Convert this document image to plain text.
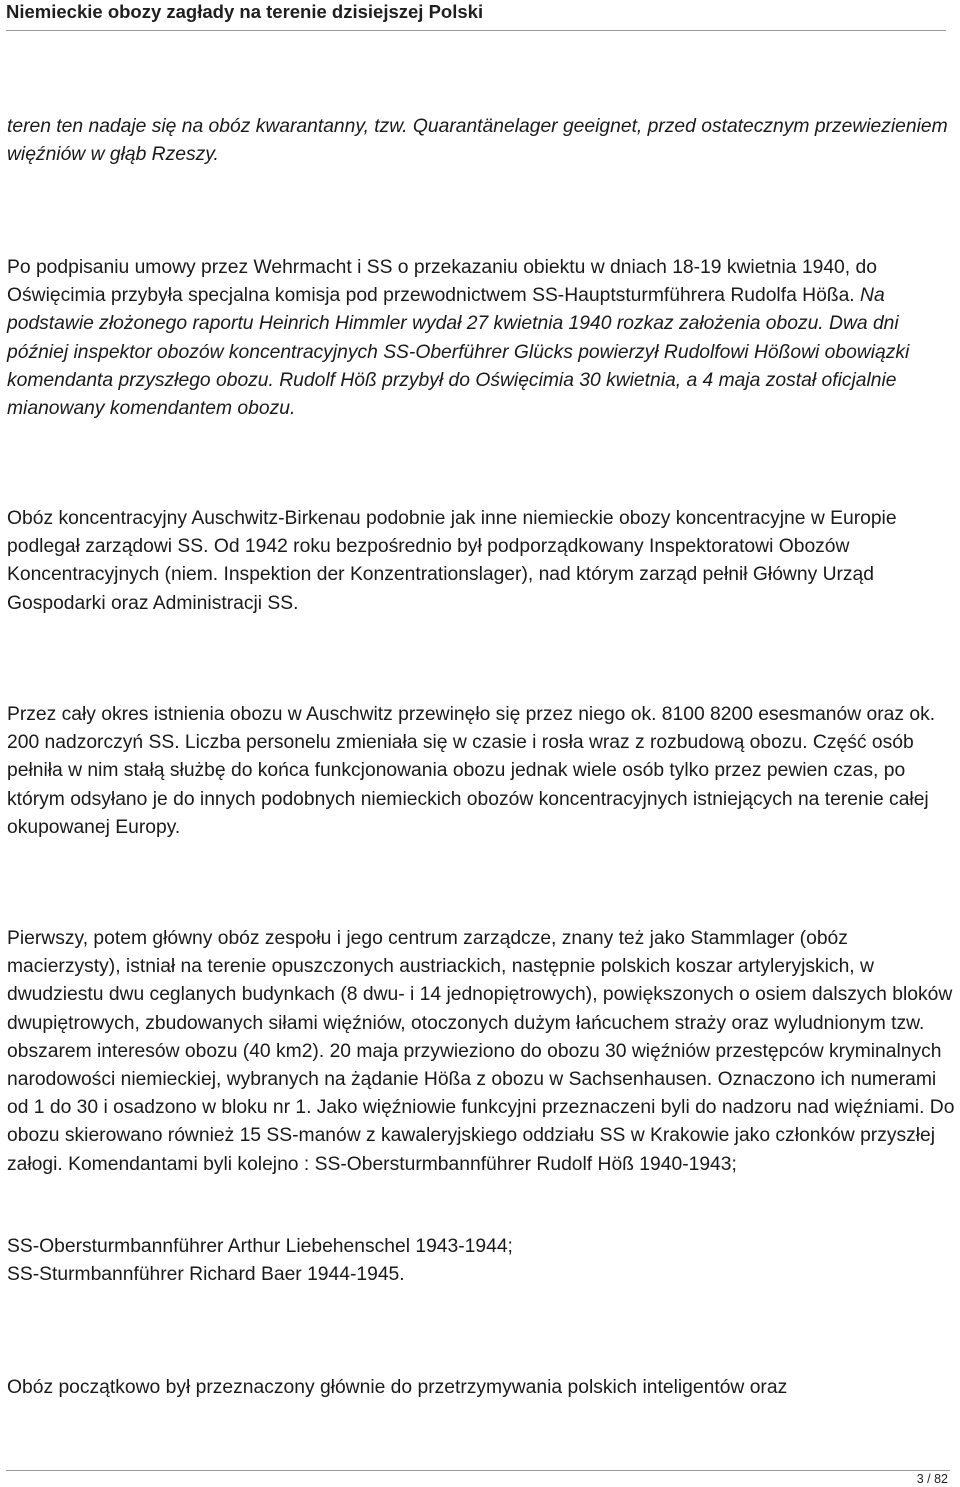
Niemieckie obozy zagłady na terenie dzisiejszej Polski

teren ten nadaje się na obóz kwarantanny, tzw. Quarantänelager geeignet, przed ostatecznym przewiezieniem więźniów w głąb Rzeszy.

Po podpisaniu umowy przez Wehrmacht i SS o przekazaniu obiektu w dniach 18-19 kwietnia 1940, do Oświęcimia przybyła specjalna komisja pod przewodnictwem SS-Hauptsturmführera Rudolfa Hößa. Na podstawie złożonego raportu Heinrich Himmler wydał 27 kwietnia 1940 rozkaz założenia obozu. Dwa dni później inspektor obozów koncentracyjnych SS-Oberführer Glücks powierzył Rudolfowi Hößowi obowiązki komendanta przyszłego obozu. Rudolf Höß przybył do Oświęcimia 30 kwietnia, a 4 maja został oficjalnie mianowany komendantem obozu.

Obóz koncentracyjny Auschwitz-Birkenau podobnie jak inne niemieckie obozy koncentracyjne w Europie podlegał zarządowi SS. Od 1942 roku bezpośrednio był podporządkowany Inspektoratowi Obozów Koncentracyjnych (niem. Inspektion der Konzentrationslager), nad którym zarząd pełnił Główny Urząd Gospodarki oraz Administracji SS.

Przez cały okres istnienia obozu w Auschwitz przewinęło się przez niego ok. 8100 8200 esesmanów oraz ok. 200 nadzorczyń SS. Liczba personelu zmieniała się w czasie i rosła wraz z rozbudową obozu. Część osób pełniła w nim stałą służbę do końca funkcjonowania obozu jednak wiele osób tylko przez pewien czas, po którym odsyłano je do innych podobnych niemieckich obozów koncentracyjnych istniejących na terenie całej okupowanej Europy.

Pierwszy, potem główny obóz zespołu i jego centrum zarządcze, znany też jako Stammlager (obóz macierzysty), istniał na terenie opuszczonych austriackich, następnie polskich koszar artyleryjskich, w dwudziestu dwu ceglanych budynkach (8 dwu- i 14 jednopiętrowych), powiększonych o osiem dalszych bloków dwupiętrowych, zbudowanych siłami więźniów, otoczonych dużym łańcuchem straży oraz wyludnionym tzw. obszarem interesów obozu (40 km2). 20 maja przywieziono do obozu 30 więźniów przestępców kryminalnych narodowości niemieckiej, wybranych na żądanie Hößa z obozu w Sachsenhausen. Oznaczono ich numerami od 1 do 30 i osadzono w bloku nr 1. Jako więźniowie funkcyjni przeznaczeni byli do nadzoru nad więźniami. Do obozu skierowano również 15 SS-manów z kawaleryjskiego oddziału SS w Krakowie jako członków przyszłej załogi. Komendantami byli kolejno : SS-Obersturmbannführer Rudolf Höß 1940-1943;

SS-Obersturmbannführer Arthur Liebehenschel 1943-1944;

SS-Sturmbannführer Richard Baer 1944-1945.

Obóz początkowo był przeznaczony głównie do przetrzymywania polskich inteligentów oraz

3 / 82
